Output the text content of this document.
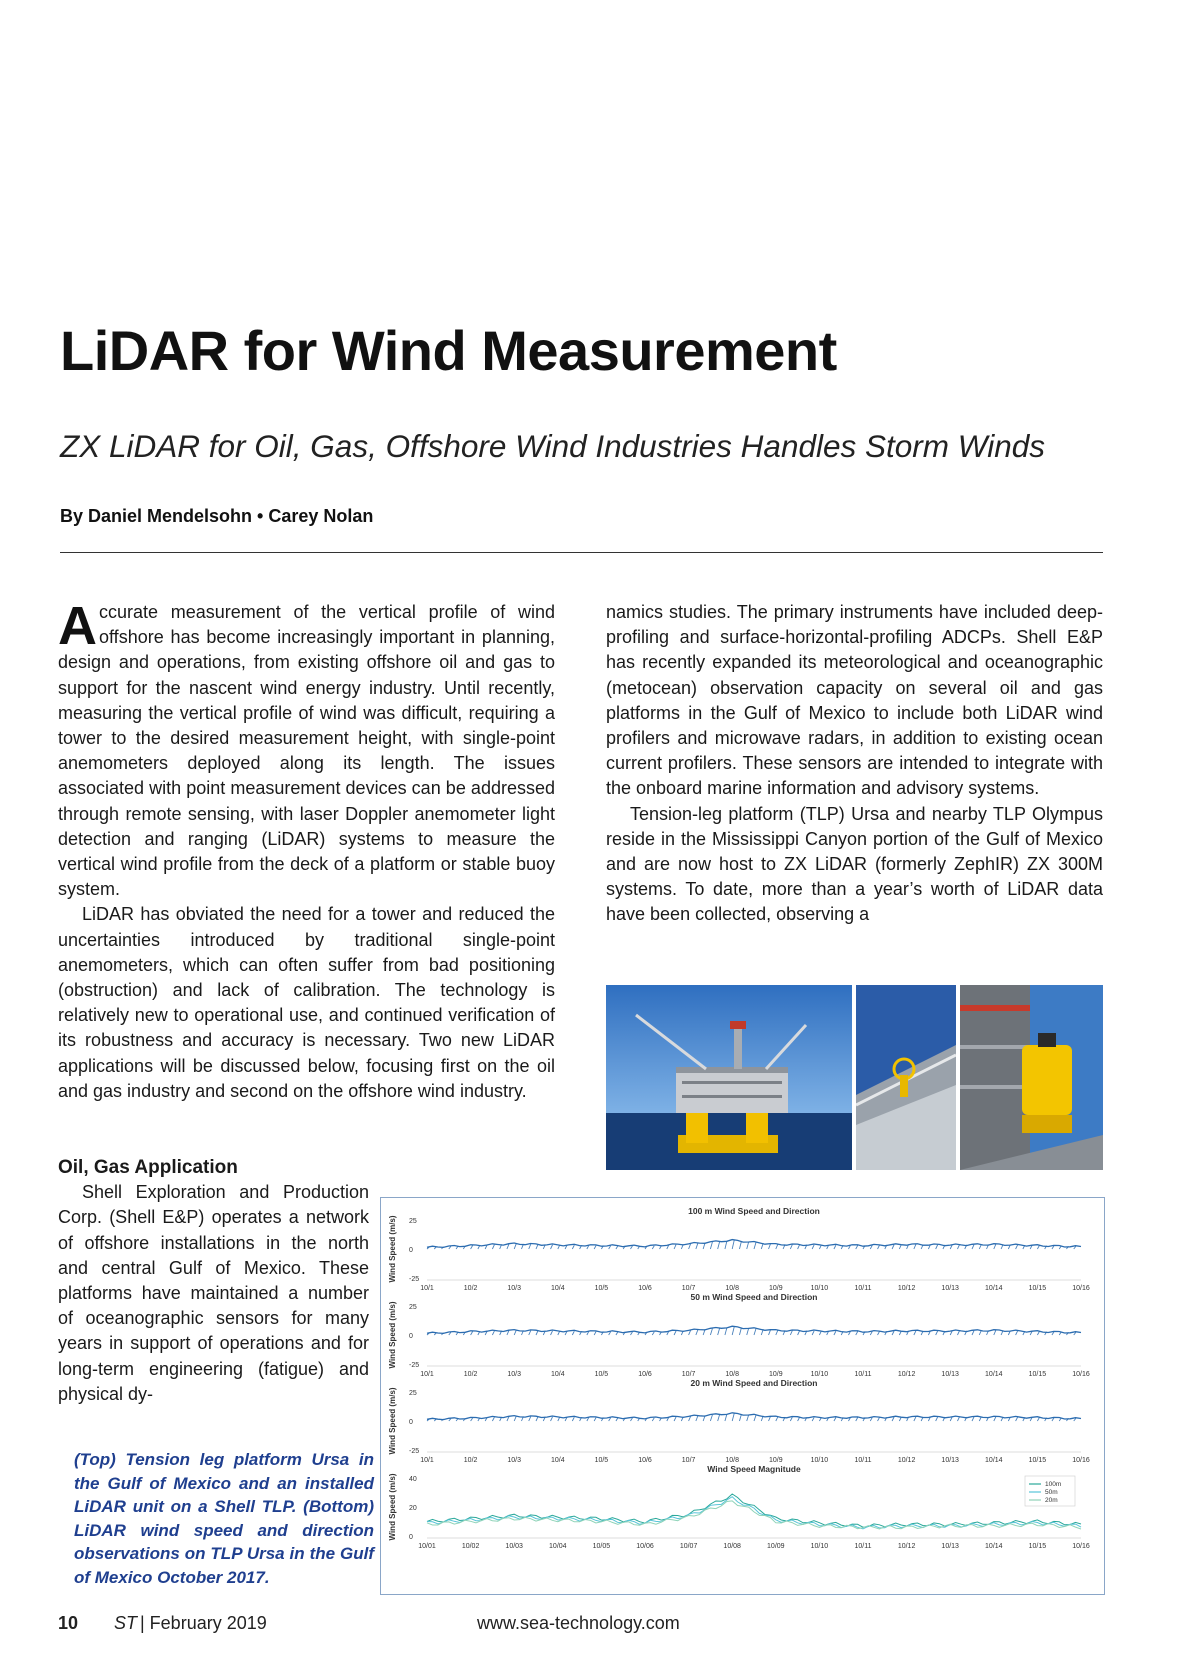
LiDAR for Wind Measurement
ZX LiDAR for Oil, Gas, Offshore Wind Industries Handles Storm Winds
By Daniel Mendelsohn • Carey Nolan

Accurate measurement of the vertical profile of wind offshore has become increasingly important in planning, design and operations, from existing offshore oil and gas to support for the nascent wind energy industry. Until recently, measuring the vertical profile of wind was difficult, requiring a tower to the desired measurement height, with single-point anemometers deployed along its length. The issues associated with point measurement devices can be addressed through remote sensing, with laser Doppler anemometer light detection and ranging (LiDAR) systems to measure the vertical wind profile from the deck of a platform or stable buoy system.

LiDAR has obviated the need for a tower and reduced the uncertainties introduced by traditional single-point anemometers, which can often suffer from bad positioning (obstruction) and lack of calibration. The technology is relatively new to operational use, and continued verification of its robustness and accuracy is necessary. Two new LiDAR applications will be discussed below, focusing first on the oil and gas industry and second on the offshore wind industry.

Oil, Gas Application

Shell Exploration and Production Corp. (Shell E&P) operates a network of offshore installations in the north and central Gulf of Mexico. These platforms have maintained a number of oceanographic sensors for many years in support of operations and for long-term engineering (fatigue) and physical dy-

(Top) Tension leg platform Ursa in the Gulf of Mexico and an installed LiDAR unit on a Shell TLP. (Bottom) LiDAR wind speed and direction observations on TLP Ursa in the Gulf of Mexico October 2017.

namics studies. The primary instruments have included deep-profiling and surface-horizontal-profiling ADCPs. Shell E&P has recently expanded its meteorological and oceanographic (metocean) observation capacity on several oil and gas platforms in the Gulf of Mexico to include both LiDAR wind profilers and microwave radars, in addition to existing ocean current profilers. These sensors are intended to integrate with the onboard marine information and advisory systems.

Tension-leg platform (TLP) Ursa and nearby TLP Olympus reside in the Mississippi Canyon portion of the Gulf of Mexico and are now host to ZX LiDAR (formerly ZephIR) ZX 300M systems. To date, more than a year’s worth of LiDAR data have been collected, observing a

100 m Wind Speed and Direction
Wind Speed (m/s) 25
0
-25
10/1	10/2	10/3	10/4	10/5	10/6	10/7	10/8	10/9	10/10	10/11	10/12	10/13	10/14	10/15	10/16
50 m Wind Speed and Direction
Wind Speed (m/s) 25
0
-25
10/1	10/2	10/3	10/4	10/5	10/6	10/7	10/8	10/9	10/10	10/11	10/12	10/13	10/14	10/15	10/16
20 m Wind Speed and Direction
Wind Speed (m/s) 25
0
-25
10/1	10/2	10/3	10/4	10/5	10/6	10/7	10/8	10/9	10/10	10/11	10/12	10/13	10/14	10/15	10/16
Wind Speed Magnitude
Wind Speed (m/s) 40
20
0
10/01	10/02	10/03	10/04	10/05	10/06	10/07	10/08	10/09	10/10	10/11	10/12	10/13	10/14	10/15	10/16
100m
50m
20m
10 ST | February 2019	www.sea-technology.com
